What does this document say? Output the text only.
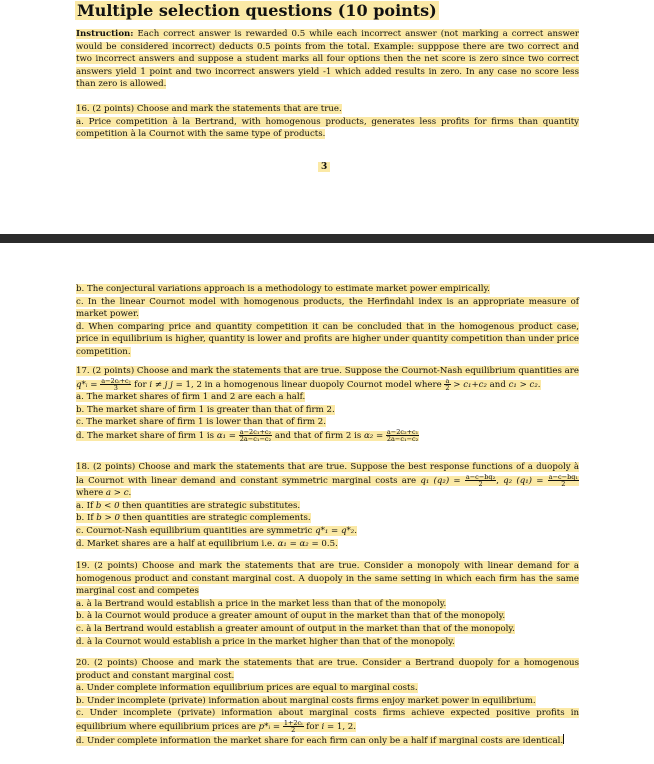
Multiple selection questions (10 points)

Instruction: Each correct answer is rewarded 0.5 while each incorrect answer (not marking a correct answer would be considered incorrect) deducts 0.5 points from the total. Example: supppose there are two correct and two incorrect answers and suppose a student marks all four options then the net score is zero since two correct answers yield 1 point and two incorrect answers yield -1 which added results in zero. In any case no score less than zero is allowed.

16. (2 points) Choose and mark the statements that are true.

a. Price competition à la Bertrand, with homogenous products, generates less profits for firms than quantity competition à la Cournot with the same type of products.

3

b. The conjectural variations approach is a methodology to estimate market power empirically.

c. In the linear Cournot model with homogenous products, the Herfindahl index is an appropriate measure of market power.

d. When comparing price and quantity competition it can be concluded that in the homogenous product case, price in equilibrium is higher, quantity is lower and profits are higher under quantity competition than under price competition.

17. (2 points) Choose and mark the statements that are true. Suppose the Cournot-Nash equilibrium quantities are q*ᵢ = $\frac{\text{a−2cᵢ+cⱼ}}{3}$ for i ≠ j j = 1, 2 in a homogenous linear duopoly Cournot model where $\frac{a}{2} > c_1+c_2$ and c₁ > c₂.

a. The market shares of firm 1 and 2 are each a half.

b. The market share of firm 1 is greater than that of firm 2.

c. The market share of firm 1 is lower than that of firm 2.

d. The market share of firm 1 is $\alpha_1 = \frac{\text{a−2c₁+c₂}}{\text{2a−c₁−c₂}}$ and that of firm 2 is $\alpha_2 = \frac{\text{a−2c₂+c₁}}{\text{2a−c₁−c₂}}$

18. (2 points) Choose and mark the statements that are true. Suppose the best response functions of a duopoly à la Cournot with linear demand and constant symmetric marginal costs are q₁ $(q_2) = \frac{\text{a−c−bq₂}}{2}$ , q₂ $(q_1) = \frac{\text{a−c−bq₁}}{2}$
where a > c.

a. If b < 0 then quantities are strategic substitutes.

b. If b > 0 then quantities are strategic complements.

c. Cournot-Nash equilibrium quantities are symmetric q*₁ = q*₂.

d. Market shares are a half at equilibrium i.e. α₁ = α₂ = 0.5.

19. (2 points) Choose and mark the statements that are true. Consider a monopoly with linear demand for a homogenous product and constant marginal cost. A duopoly in the same setting in which each firm has the same marginal cost and competes

a. à la Bertrand would establish a price in the market less than that of the monopoly.

b. à la Cournot would produce a greater amount of ouput in the market than that of the monopoly.

c. à la Bertrand would establish a greater amount of output in the market than that of the monopoly.

d. à la Cournot would establish a price in the market higher than that of the monopoly.

20. (2 points) Choose and mark the statements that are true. Consider a Bertrand duopoly for a homogenous product and constant marginal cost.

a. Under complete information equilibrium prices are equal to marginal costs.

b. Under incomplete (private) information about marginal costs firms enjoy market power in equilibrium.

c. Under incomplete (private) information about marginal costs firms achieve expected positive profits in equilibrium where equilibrium prices are p*ᵢ = $\frac{\text{1+2cᵢ}}{2}$ for i = 1, 2.

d. Under complete information the market share for each firm can only be a half if marginal costs are identical.
